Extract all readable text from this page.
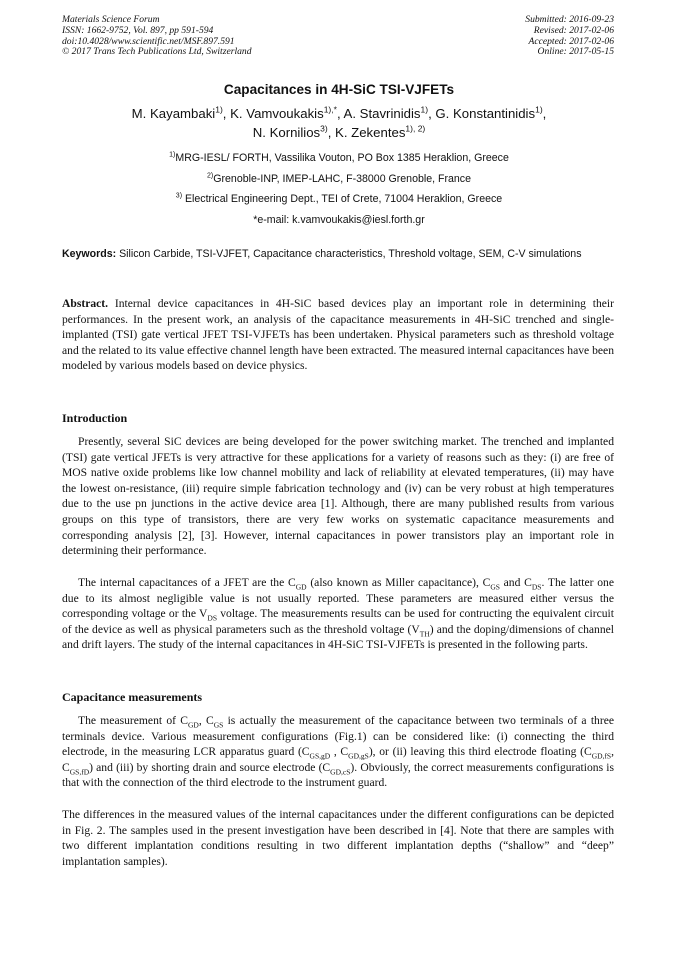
Materials Science Forum
ISSN: 1662-9752, Vol. 897, pp 591-594
doi:10.4028/www.scientific.net/MSF.897.591
© 2017 Trans Tech Publications Ltd, Switzerland
Submitted: 2016-09-23
Revised: 2017-02-06
Accepted: 2017-02-06
Online: 2017-05-15
Capacitances in 4H-SiC TSI-VJFETs
M. Kayambaki$^{1)}$, K. Vamvoukakis$^{1),*}$, A. Stavrinidis$^{1)}$, G. Konstantinidis$^{1)}$,
N. Kornilios$^{3)}$, K. Zekentes$^{1), 2)}$
$^{1)}$MRG-IESL/ FORTH, Vassilika Vouton, PO Box 1385 Heraklion, Greece
$^{2)}$Grenoble-INP, IMEP-LAHC, F-38000 Grenoble, France
$^{3)}$ Electrical Engineering Dept., TEI of Crete, 71004 Heraklion, Greece
*e-mail: k.vamvoukakis@iesl.forth.gr
Keywords: Silicon Carbide, TSI-VJFET, Capacitance characteristics, Threshold voltage, SEM, C-V simulations
Abstract. Internal device capacitances in 4H-SiC based devices play an important role in determining their performances. In the present work, an analysis of the capacitance measurements in 4H-SiC trenched and single-implanted (TSI) gate vertical JFET TSI-VJFETs has been undertaken. Physical parameters such as threshold voltage and the related to its value effective channel length have been extracted. The measured internal capacitances have been modeled by various models based on device physics.
Introduction
Presently, several SiC devices are being developed for the power switching market. The trenched and implanted (TSI) gate vertical JFETs is very attractive for these applications for a variety of reasons such as they: (i) are free of MOS native oxide problems like low channel mobility and lack of reliability at elevated temperatures, (ii) may have the lowest on-resistance, (iii) require simple fabrication technology and (iv) can be very robust at high temperatures due to the use pn junctions in the active device area [1]. Although, there are many published results from various groups on this type of transistors, there are very few works on systematic capacitance measurements and corresponding analysis [2], [3]. However, internal capacitances in power transistors play an important role in determining their performance.
The internal capacitances of a JFET are the $C_{GD}$ (also known as Miller capacitance), $C_{GS}$ and $C_{DS}$. The latter one due to its almost negligible value is not usually reported. These parameters are measured either versus the corresponding voltage or the $V_{DS}$ voltage. The measurements results can be used for contructing the equivalent circuit of the device as well as physical parameters such as the threshold voltage $(V_{TH})$ and the doping/dimensions of channel and drift layers. The study of the internal capacitances in 4H-SiC TSI-VJFETs is presented in the following parts.
Capacitance measurements
The measurement of $C_{GD}$, $C_{GS}$ is actually the measurement of the capacitance between two terminals of a three terminals device. Various measurement configurations (Fig.1) can be considered like: (i) connecting the third electrode, in the measuring LCR apparatus guard ($C_{GS,gD}$ , $C_{GD,gS}$), or (ii) leaving this third electrode floating ($C_{GD,fS}$, $C_{GS,fD}$) and (iii) by shorting drain and source electrode $(C_{GD,cS})$. Obviously, the correct measurements configurations is that with the connection of the third electrode to the instrument guard.
The differences in the measured values of the internal capacitances under the different configurations can be depicted in Fig. 2. The samples used in the present investigation have been described in [4]. Note that there are samples with two different implantation conditions resulting in two different implantation depths (“shallow” and “deep” implantation samples).
